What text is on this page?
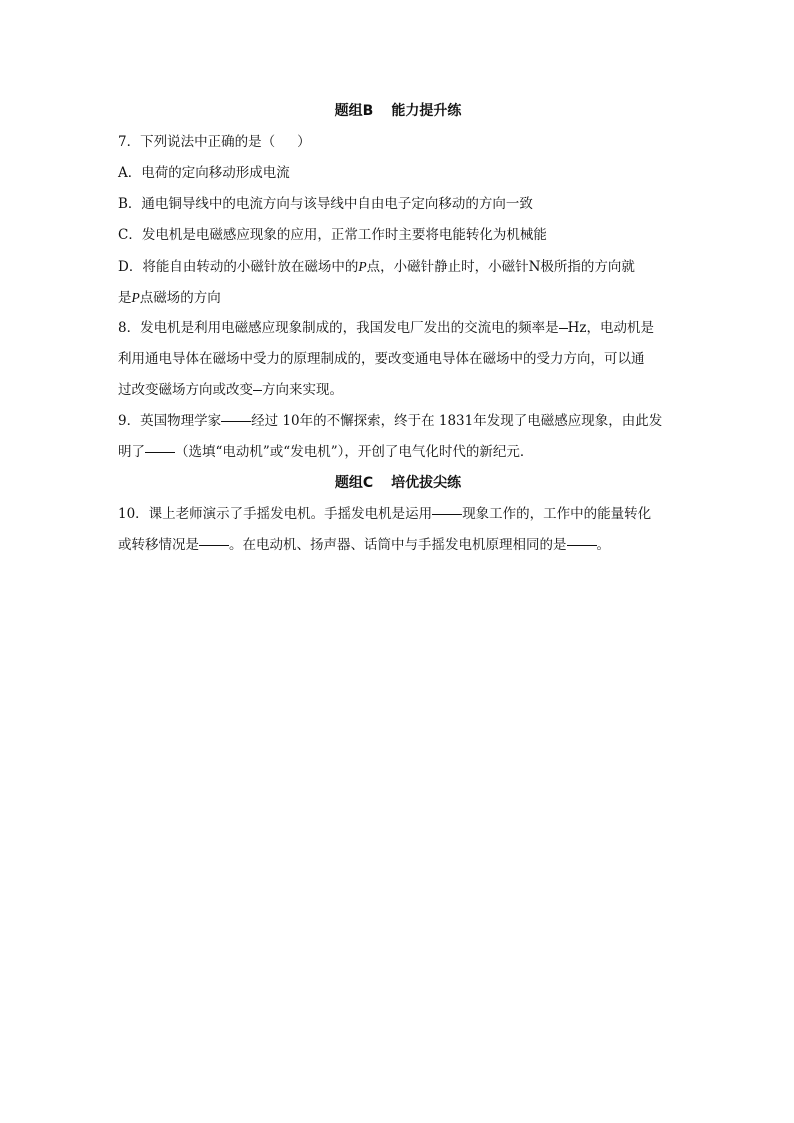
题组B 能力提升练
7．下列说法中正确的是（ ）
A．电荷的定向移动形成电流
B．通电铜导线中的电流方向与该导线中自由电子定向移动的方向一致
C．发电机是电磁感应现象的应用，正常工作时主要将电能转化为机械能
D．将能自由转动的小磁针放在磁场中的P点，小磁针静止时，小磁针N极所指的方向就
是P点磁场的方向
8．发电机是利用电磁感应现象制成的，我国发电厂发出的交流电的频率是 Hz，电动机是
利用通电导体在磁场中受力的原理制成的，要改变通电导体在磁场中的受力方向，可以通
过改变磁场方向或改变 方向来实现。
9．英国物理学家 经过 10年的不懈探索，终于在 1831年发现了电磁感应现象，由此发
明了 （选填“电动机”或“发电机”），开创了电气化时代的新纪元．
题组C 培优拔尖练
10．课上老师演示了手摇发电机。手摇发电机是运用 现象工作的，工作中的能量转化
或转移情况是 。在电动机、扬声器、话筒中与手摇发电机原理相同的是 。
